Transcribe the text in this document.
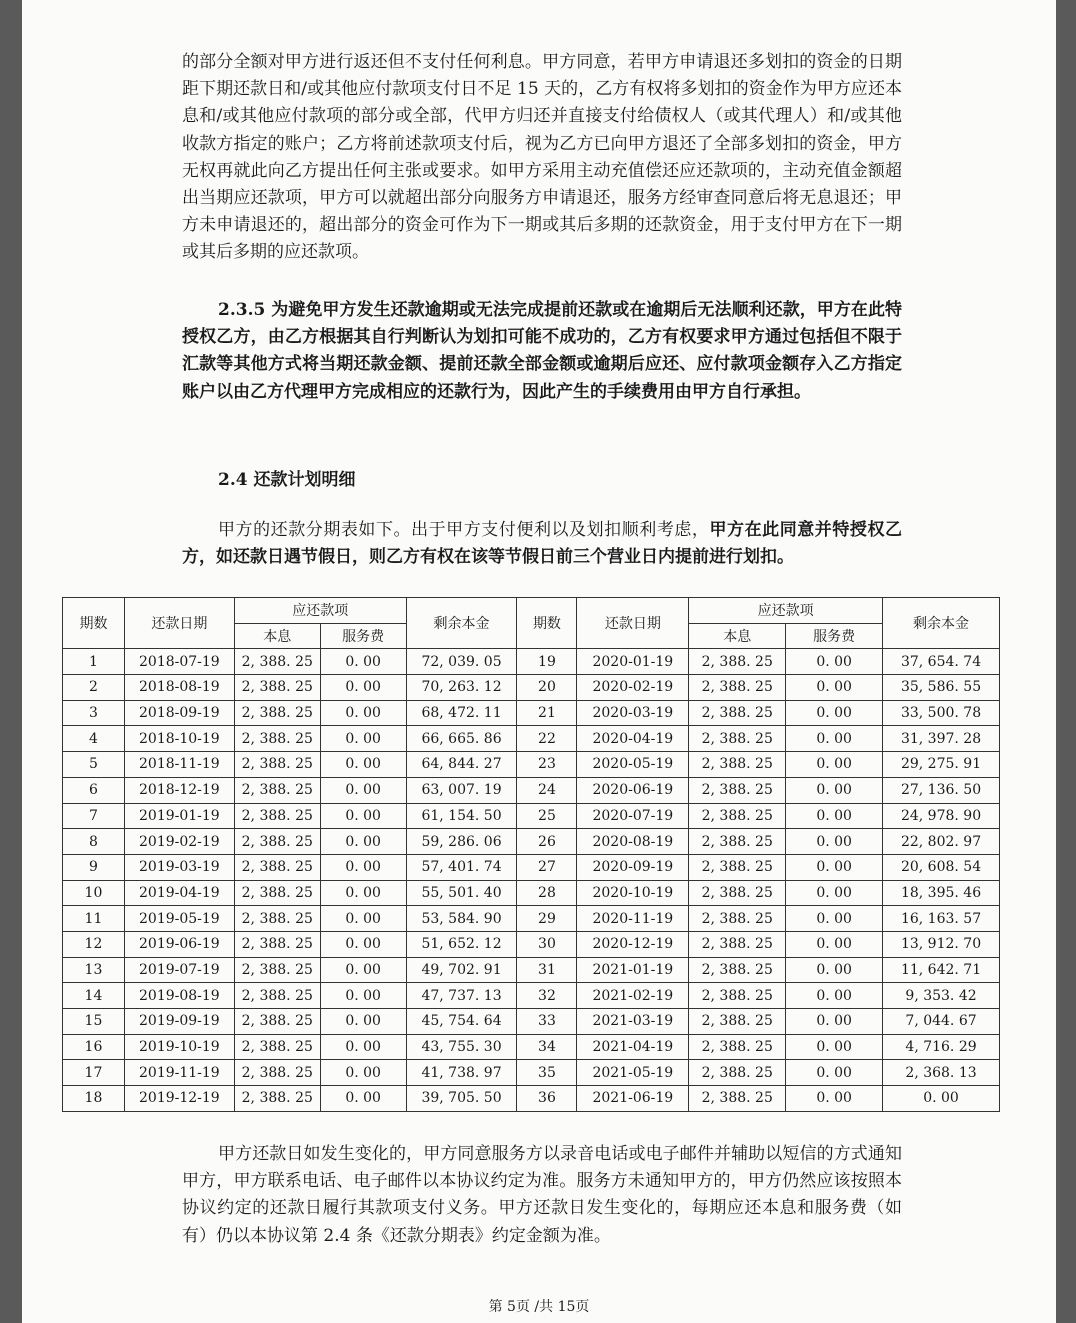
的部分全额对甲方进行返还但不支付任何利息。甲方同意，若甲方申请退还多划扣的资金的日期距下期还款日和/或其他应付款项支付日不足 15 天的，乙方有权将多划扣的资金作为甲方应还本息和/或其他应付款项的部分或全部，代甲方归还并直接支付给债权人（或其代理人）和/或其他收款方指定的账户；乙方将前述款项支付后，视为乙方已向甲方退还了全部多划扣的资金，甲方无权再就此向乙方提出任何主张或要求。如甲方采用主动充值偿还应还款项的，主动充值金额超出当期应还款项，甲方可以就超出部分向服务方申请退还，服务方经审查同意后将无息退还；甲方未申请退还的，超出部分的资金可作为下一期或其后多期的还款资金，用于支付甲方在下一期或其后多期的应还款项。
2.3.5 为避免甲方发生还款逾期或无法完成提前还款或在逾期后无法顺利还款，甲方在此特授权乙方，由乙方根据其自行判断认为划扣可能不成功的，乙方有权要求甲方通过包括但不限于汇款等其他方式将当期还款金额、提前还款全部金额或逾期后应还、应付款项金额存入乙方指定账户以由乙方代理甲方完成相应的还款行为，因此产生的手续费用由甲方自行承担。
2.4 还款计划明细
甲方的还款分期表如下。出于甲方支付便利以及划扣顺利考虑，甲方在此同意并特授权乙方，如还款日遇节假日，则乙方有权在该等节假日前三个营业日内提前进行划扣。
期数	还款日期	应还款项		剩余本金	期数	还款日期	应还款项		剩余本金
		本息	服务费				本息	服务费	
1	2018-07-19	2, 388. 25	0. 00	72, 039. 05	19	2020-01-19	2, 388. 25	0. 00	37, 654. 74
2	2018-08-19	2, 388. 25	0. 00	70, 263. 12	20	2020-02-19	2, 388. 25	0. 00	35, 586. 55
3	2018-09-19	2, 388. 25	0. 00	68, 472. 11	21	2020-03-19	2, 388. 25	0. 00	33, 500. 78
4	2018-10-19	2, 388. 25	0. 00	66, 665. 86	22	2020-04-19	2, 388. 25	0. 00	31, 397. 28
5	2018-11-19	2, 388. 25	0. 00	64, 844. 27	23	2020-05-19	2, 388. 25	0. 00	29, 275. 91
6	2018-12-19	2, 388. 25	0. 00	63, 007. 19	24	2020-06-19	2, 388. 25	0. 00	27, 136. 50
7	2019-01-19	2, 388. 25	0. 00	61, 154. 50	25	2020-07-19	2, 388. 25	0. 00	24, 978. 90
8	2019-02-19	2, 388. 25	0. 00	59, 286. 06	26	2020-08-19	2, 388. 25	0. 00	22, 802. 97
9	2019-03-19	2, 388. 25	0. 00	57, 401. 74	27	2020-09-19	2, 388. 25	0. 00	20, 608. 54
10	2019-04-19	2, 388. 25	0. 00	55, 501. 40	28	2020-10-19	2, 388. 25	0. 00	18, 395. 46
11	2019-05-19	2, 388. 25	0. 00	53, 584. 90	29	2020-11-19	2, 388. 25	0. 00	16, 163. 57
12	2019-06-19	2, 388. 25	0. 00	51, 652. 12	30	2020-12-19	2, 388. 25	0. 00	13, 912. 70
13	2019-07-19	2, 388. 25	0. 00	49, 702. 91	31	2021-01-19	2, 388. 25	0. 00	11, 642. 71
14	2019-08-19	2, 388. 25	0. 00	47, 737. 13	32	2021-02-19	2, 388. 25	0. 00	9, 353. 42
15	2019-09-19	2, 388. 25	0. 00	45, 754. 64	33	2021-03-19	2, 388. 25	0. 00	7, 044. 67
16	2019-10-19	2, 388. 25	0. 00	43, 755. 30	34	2021-04-19	2, 388. 25	0. 00	4, 716. 29
17	2019-11-19	2, 388. 25	0. 00	41, 738. 97	35	2021-05-19	2, 388. 25	0. 00	2, 368. 13
18	2019-12-19	2, 388. 25	0. 00	39, 705. 50	36	2021-06-19	2, 388. 25	0. 00	0. 00
甲方还款日如发生变化的，甲方同意服务方以录音电话或电子邮件并辅助以短信的方式通知甲方，甲方联系电话、电子邮件以本协议约定为准。服务方未通知甲方的，甲方仍然应该按照本协议约定的还款日履行其款项支付义务。甲方还款日发生变化的，每期应还本息和服务费（如有）仍以本协议第 2.4 条《还款分期表》约定金额为准。
第 5页 /共 15页
